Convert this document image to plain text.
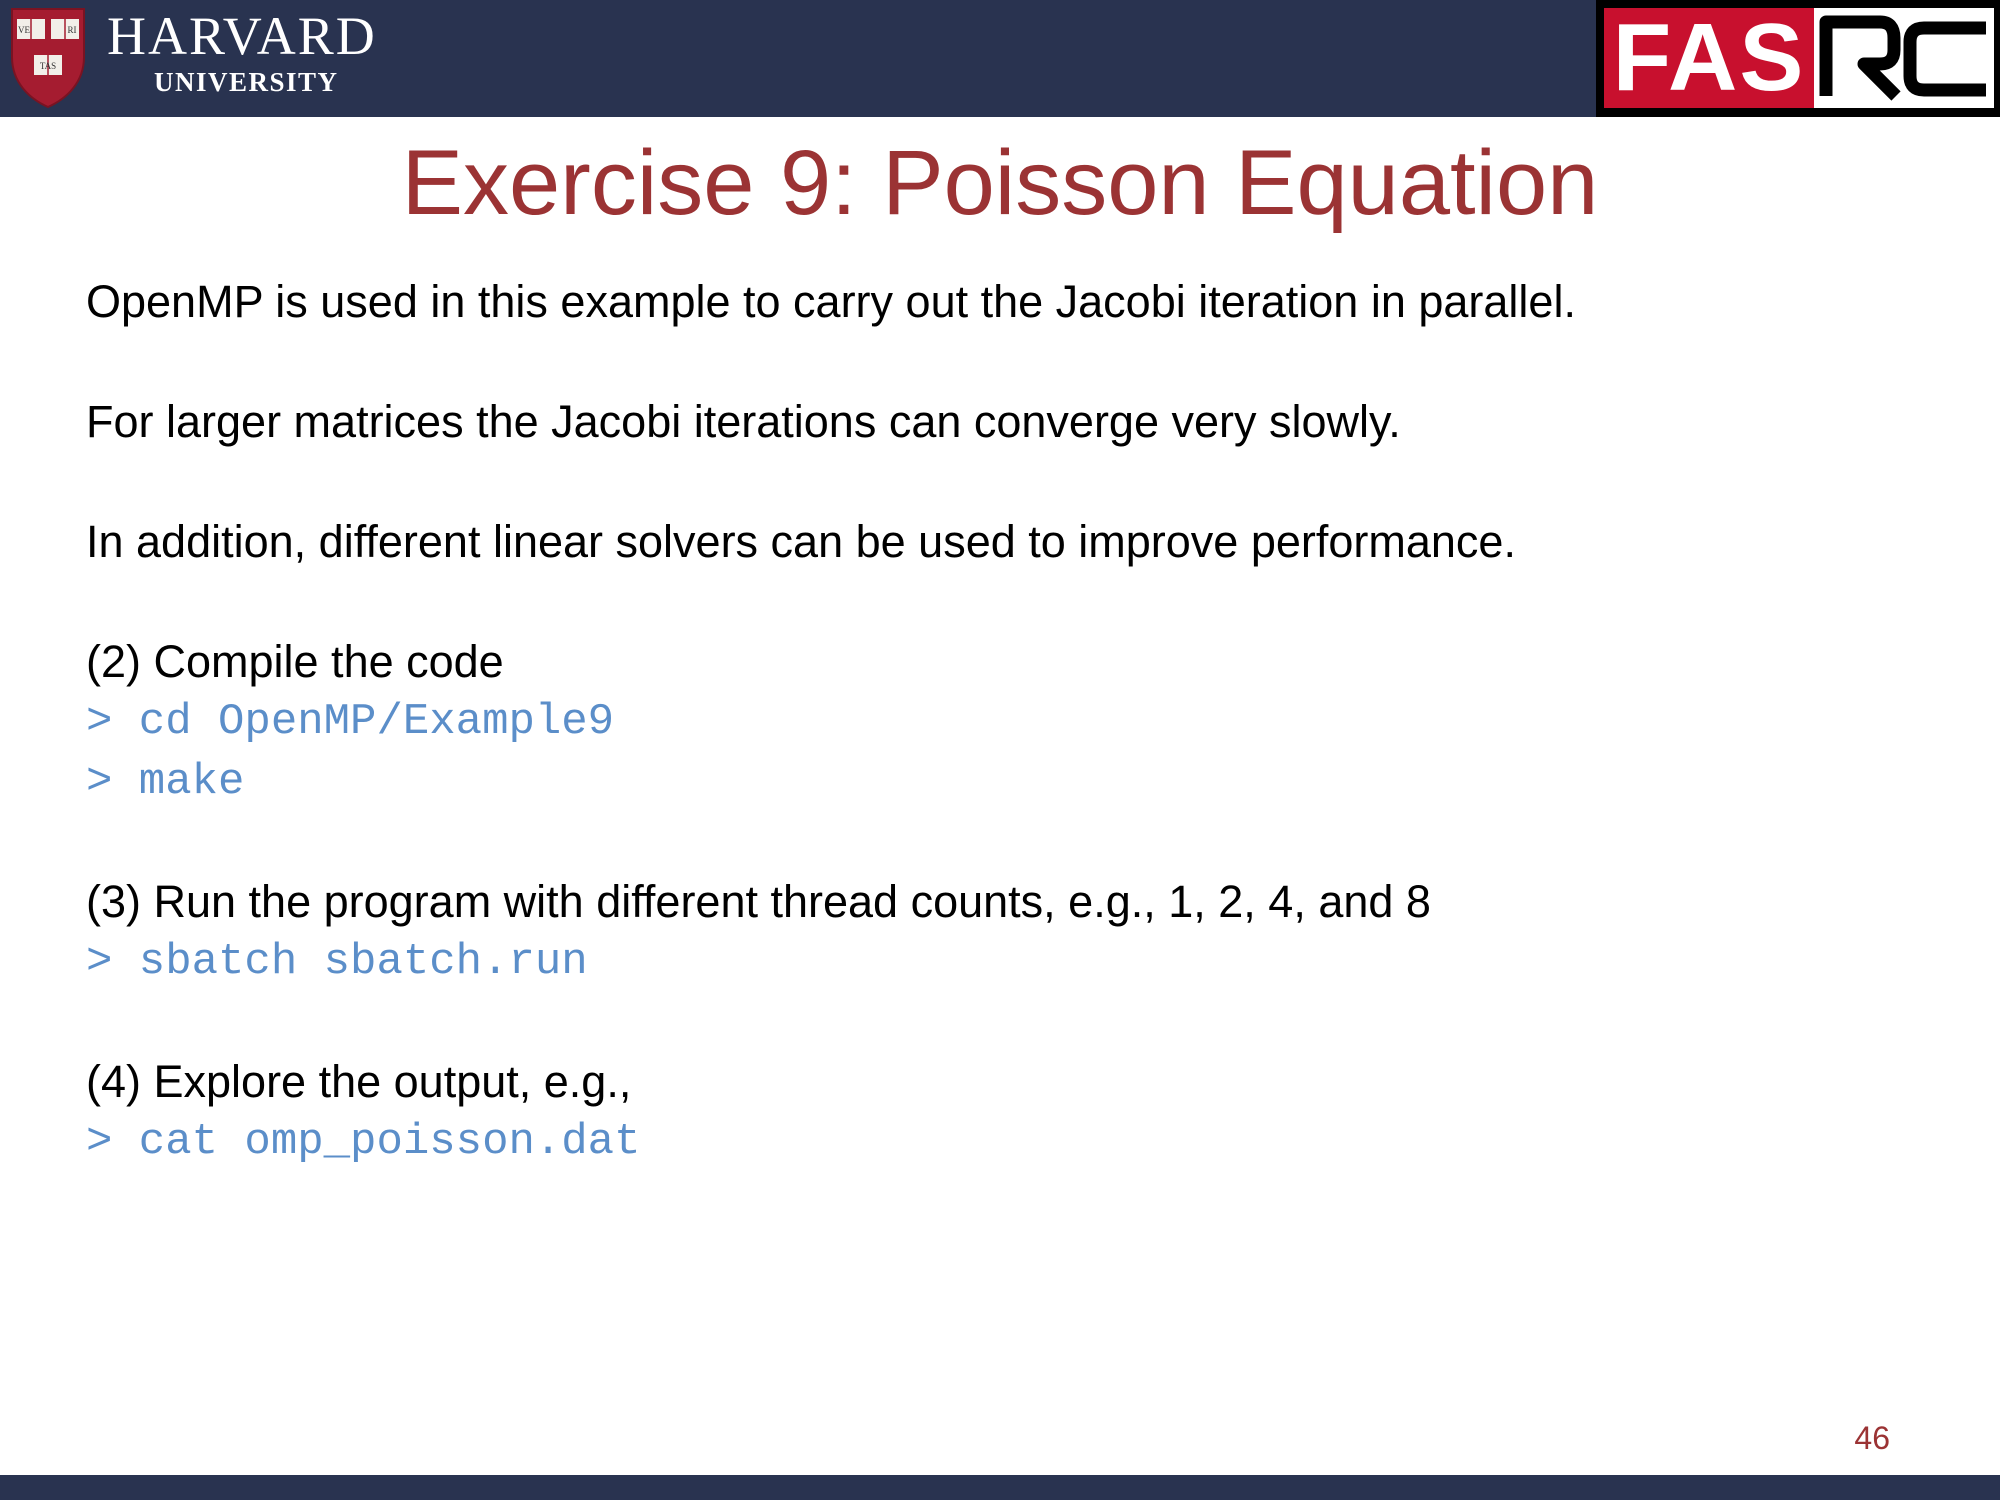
VE	RI
TAS HARVARD
UNIVERSITY	FAS	RC
Exercise 9: Poisson Equation
OpenMP is used in this example to carry out the Jacobi iteration in parallel.
For larger matrices the Jacobi iterations can converge very slowly.
In addition, different linear solvers can be used to improve performance.
(2) Compile the code
> cd OpenMP/Example9
> make
(3) Run the program with different thread counts, e.g., 1, 2, 4, and 8
> sbatch sbatch.run
(4) Explore the output, e.g.,
> cat omp_poisson.dat
46
